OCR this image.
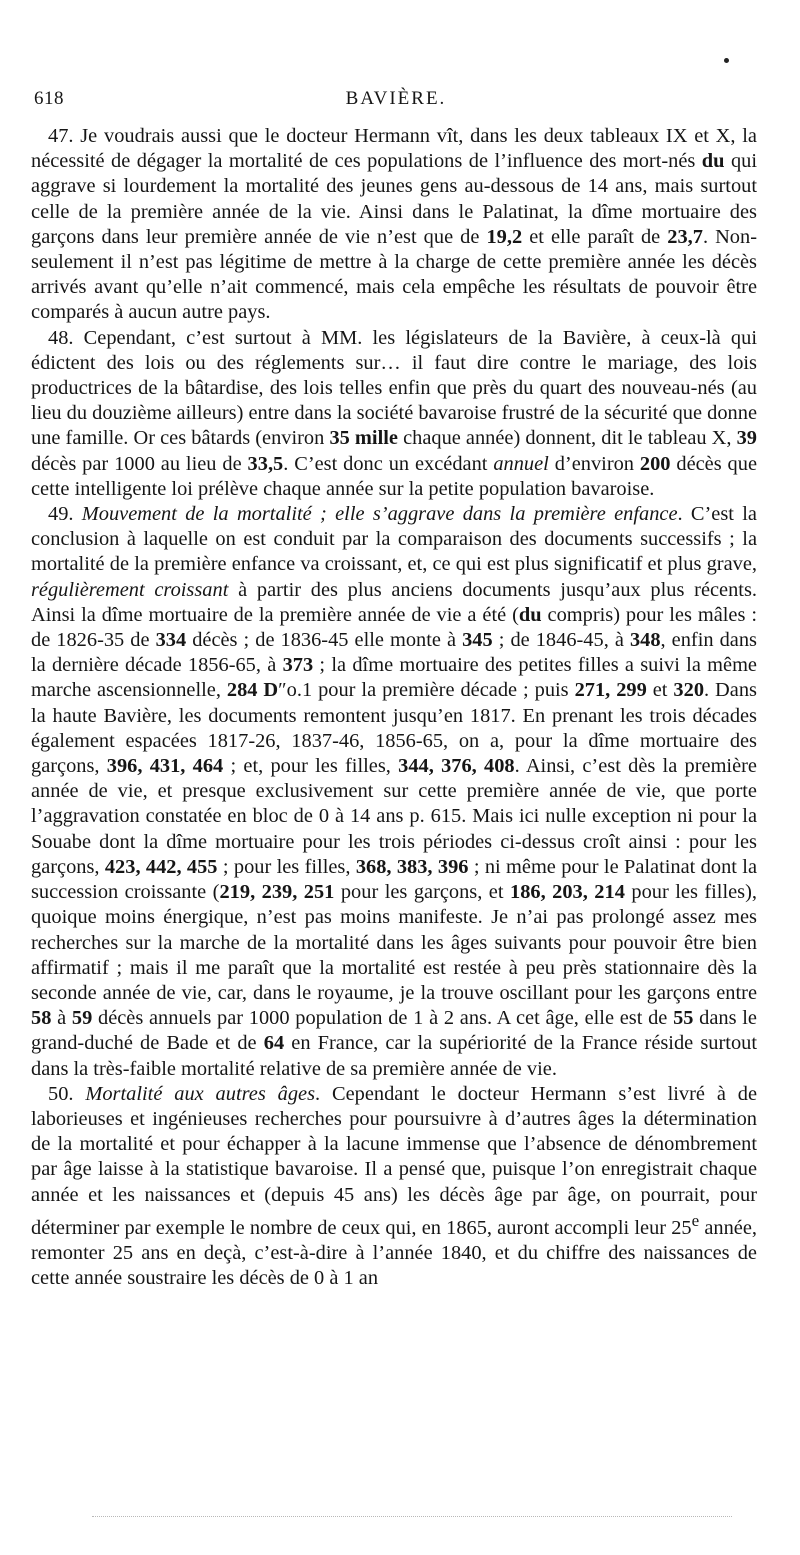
618	BAVIÈRE.

47. Je voudrais aussi que le docteur Hermann vît, dans les deux tableaux IX et X, la nécessité de dégager la mortalité de ces populations de l’influence des mort-nés du qui aggrave si lourdement la mortalité des jeunes gens au-dessous de 14 ans, mais surtout celle de la première année de la vie. Ainsi dans le Palatinat, la dîme mortuaire des garçons dans leur première année de vie n’est que de 19,2 et elle paraît de 23,7. Non-seulement il n’est pas légitime de mettre à la charge de cette première année les décès arrivés avant qu’elle n’ait commencé, mais cela empêche les résultats de pouvoir être comparés à aucun autre pays.

48. Cependant, c’est surtout à MM. les législateurs de la Bavière, à ceux-là qui édictent des lois ou des réglements sur… il faut dire contre le mariage, des lois productrices de la bâtardise, des lois telles enfin que près du quart des nouveau-nés (au lieu du douzième ailleurs) entre dans la société bavaroise frustré de la sécurité que donne une famille. Or ces bâtards (environ 35 mille chaque année) donnent, dit le tableau X, 39 décès par 1000 au lieu de 33,5. C’est donc un excédant annuel d’environ 200 décès que cette intelligente loi prélève chaque année sur la petite population bavaroise.

49. Mouvement de la mortalité ; elle s’aggrave dans la première enfance. C’est la conclusion à laquelle on est conduit par la comparaison des documents successifs ; la mortalité de la première enfance va croissant, et, ce qui est plus significatif et plus grave, régulièrement croissant à partir des plus anciens documents jusqu’aux plus récents. Ainsi la dîme mortuaire de la première année de vie a été (du compris) pour les mâles : de 1826-35 de 334 décès ; de 1836-45 elle monte à 345 ; de 1846-45, à 348, enfin dans la dernière décade 1856-65, à 373 ; la dîme mortuaire des petites filles a suivi la même marche ascensionnelle, 284 D″o.1 pour la première décade ; puis 271, 299 et 320. Dans la haute Bavière, les documents remontent jusqu’en 1817. En prenant les trois décades également espacées 1817-26, 1837-46, 1856-65, on a, pour la dîme mortuaire des garçons, 396, 431, 464 ; et, pour les filles, 344, 376, 408. Ainsi, c’est dès la première année de vie, et presque exclusivement sur cette première année de vie, que porte l’aggravation constatée en bloc de 0 à 14 ans p. 615. Mais ici nulle exception ni pour la Souabe dont la dîme mortuaire pour les trois périodes ci-dessus croît ainsi : pour les garçons, 423, 442, 455 ; pour les filles, 368, 383, 396 ; ni même pour le Palatinat dont la succession croissante (219, 239, 251 pour les garçons, et 186, 203, 214 pour les filles), quoique moins énergique, n’est pas moins manifeste. Je n’ai pas prolongé assez mes recherches sur la marche de la mortalité dans les âges suivants pour pouvoir être bien affirmatif ; mais il me paraît que la mortalité est restée à peu près stationnaire dès la seconde année de vie, car, dans le royaume, je la trouve oscillant pour les garçons entre 58 à 59 décès annuels par 1000 population de 1 à 2 ans. A cet âge, elle est de 55 dans le grand-duché de Bade et de 64 en France, car la supériorité de la France réside surtout dans la très-faible mortalité relative de sa première année de vie.

50. Mortalité aux autres âges. Cependant le docteur Hermann s’est livré à de laborieuses et ingénieuses recherches pour poursuivre à d’autres âges la détermination de la mortalité et pour échapper à la lacune immense que l’absence de dénombrement par âge laisse à la statistique bavaroise. Il a pensé que, puisque l’on enregistrait chaque année et les naissances et (depuis 45 ans) les décès âge par âge, on pourrait, pour déterminer par exemple le nombre de ceux qui, en 1865, auront accompli leur 25e année, remonter 25 ans en deçà, c’est-à-dire à l’année 1840, et du chiffre des naissances de cette année soustraire les décès de 0 à 1 an
